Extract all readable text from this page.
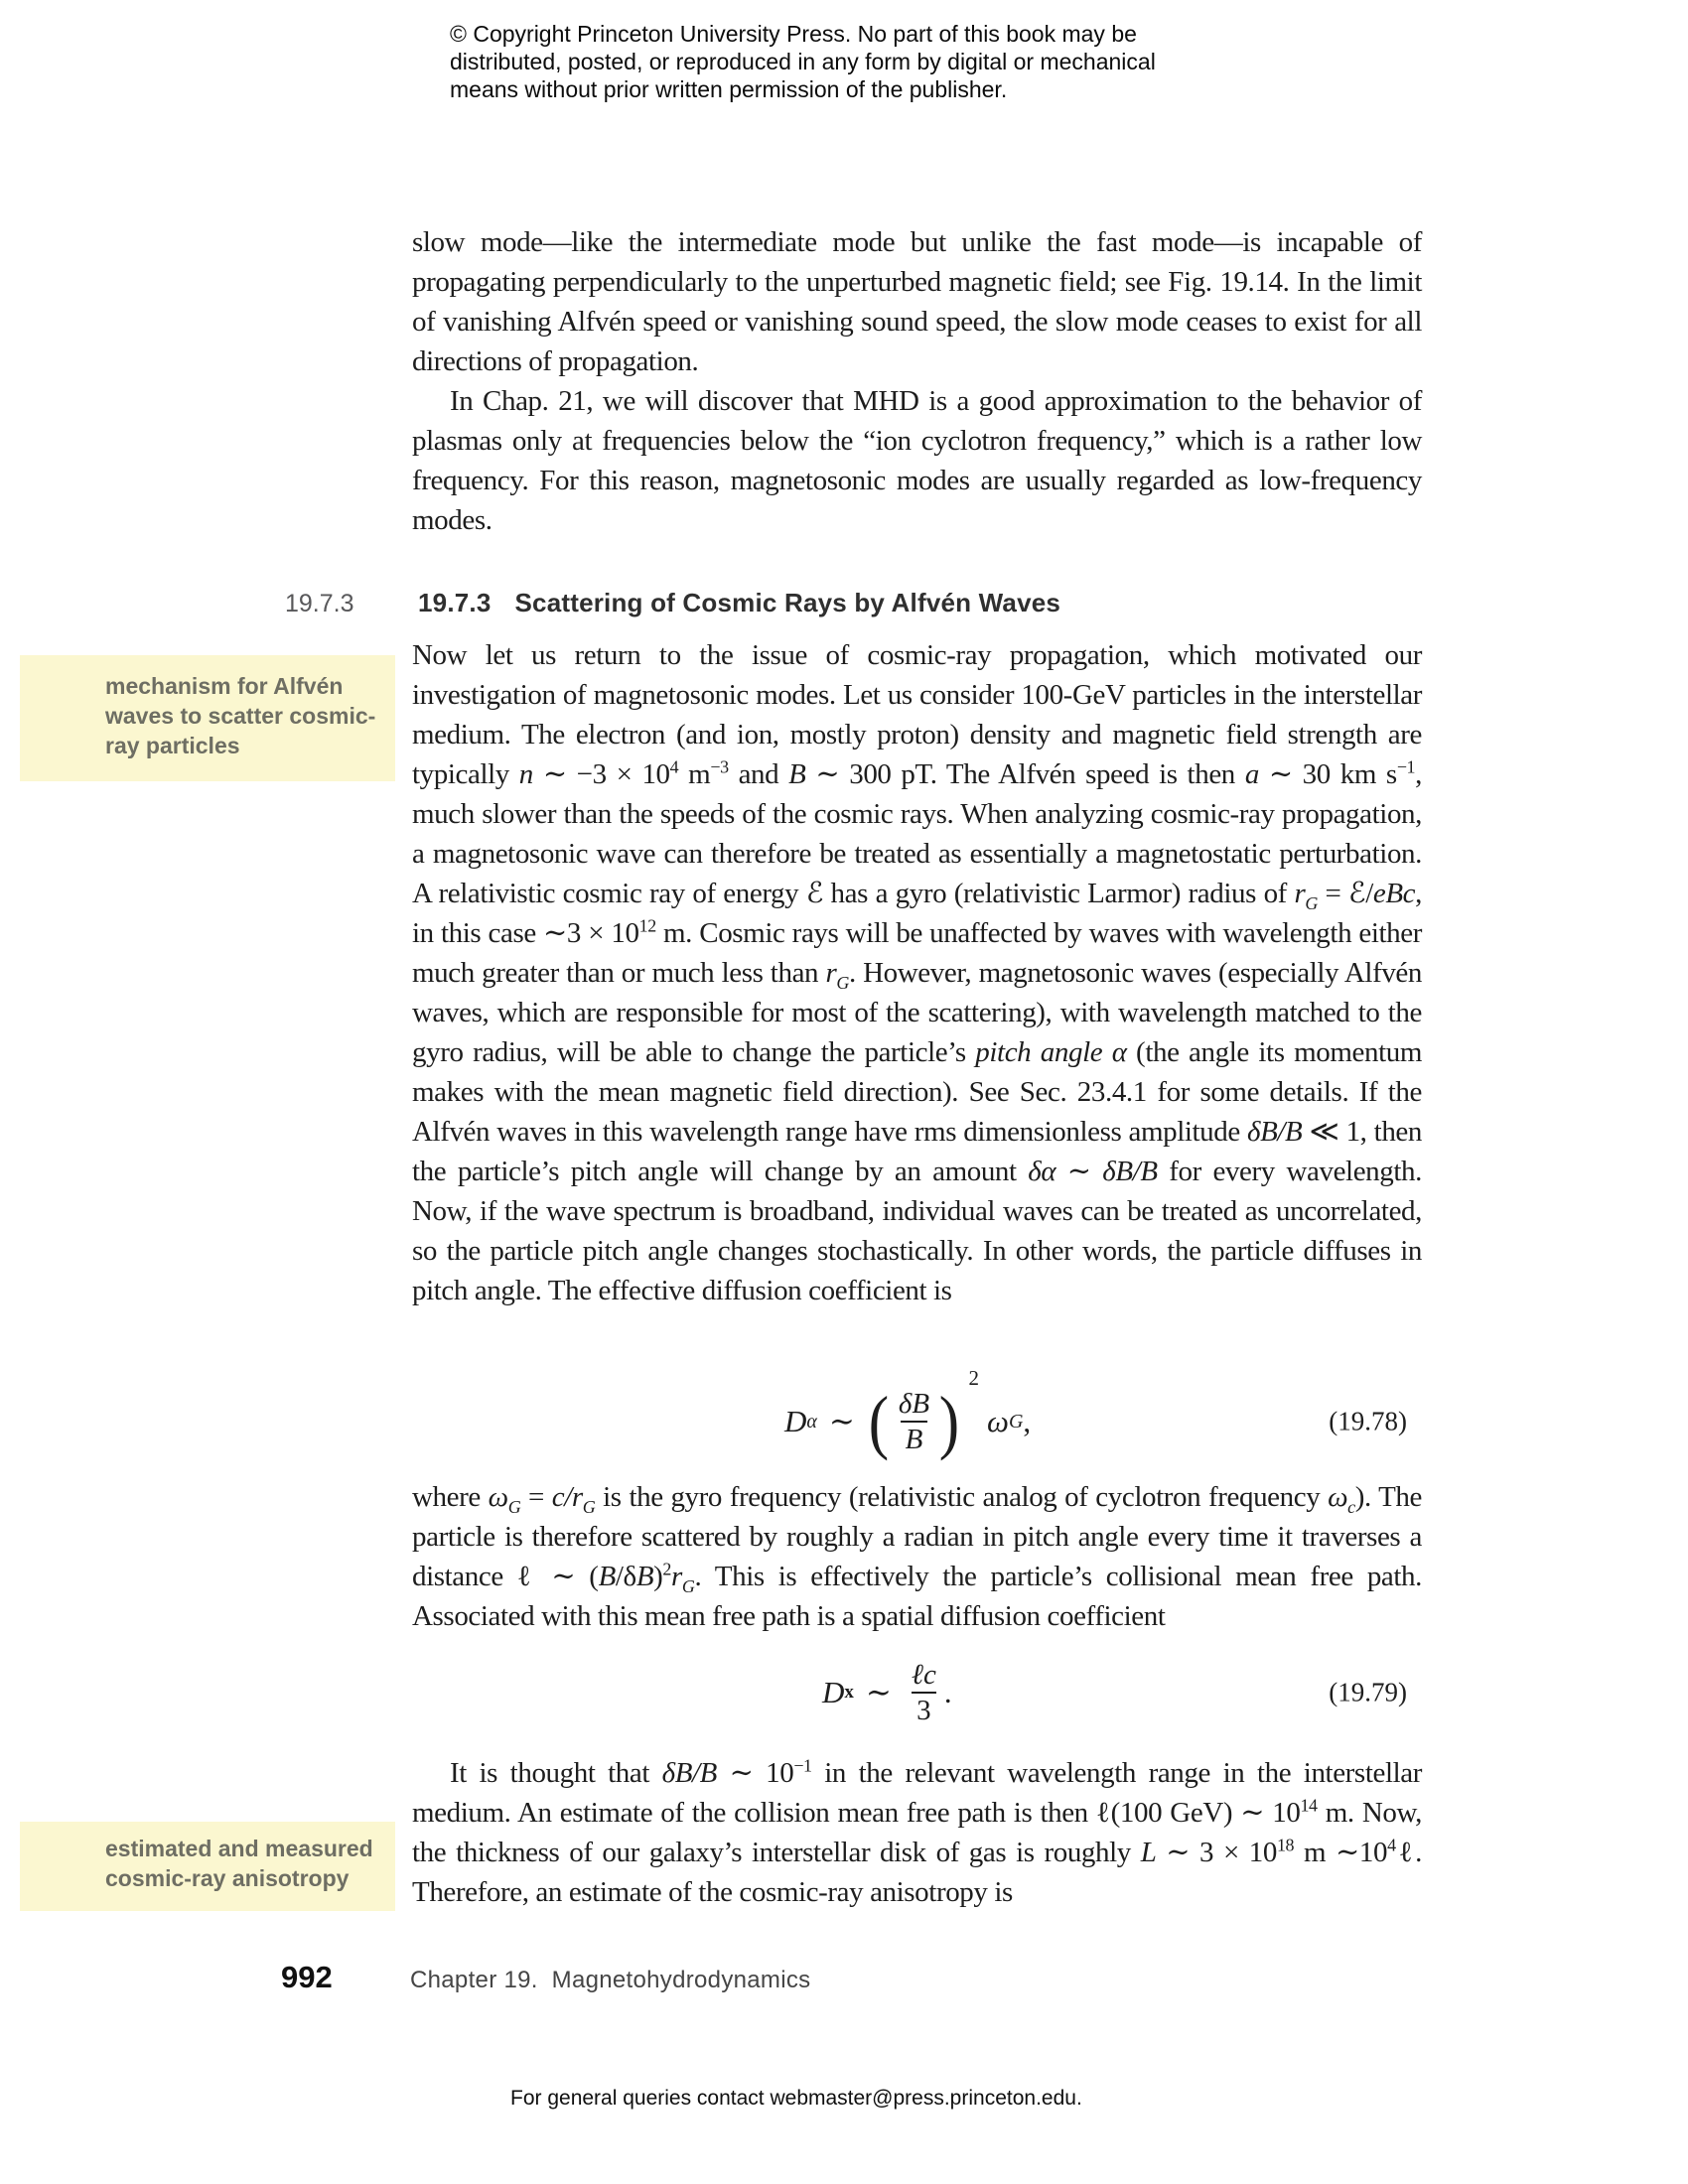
© Copyright Princeton University Press. No part of this book may be
distributed, posted, or reproduced in any form by digital or mechanical
means without prior written permission of the publisher.

slow mode—like the intermediate mode but unlike the fast mode—is incapable of propagating perpendicularly to the unperturbed magnetic field; see Fig. 19.14. In the limit of vanishing Alfvén speed or vanishing sound speed, the slow mode ceases to exist for all directions of propagation.

In Chap. 21, we will discover that MHD is a good approximation to the behavior of plasmas only at frequencies below the “ion cyclotron frequency,” which is a rather low frequency. For this reason, magnetosonic modes are usually regarded as low-frequency modes.

19.7.3 19.7.3 Scattering of Cosmic Rays by Alfvén Waves
mechanism for Alfvén
waves to scatter cosmic-
ray particles

Now let us return to the issue of cosmic-ray propagation, which motivated our investigation of magnetosonic modes. Let us consider 100-GeV particles in the interstellar medium. The electron (and ion, mostly proton) density and magnetic field strength are typically n ∼ $-3 \times 10^4$ $m^{-3}$ and B ∼ 300 pT. The Alfvén speed is then a ∼ 30 km $s^{-1}$, much slower than the speeds of the cosmic rays. When analyzing cosmic-ray propagation, a magnetosonic wave can therefore be treated as essentially a magnetostatic perturbation. A relativistic cosmic ray of energy ℰ has a gyro (relativistic Larmor) radius of $r_G$ = ℰ/eBc, in this case ∼3 × $10^{12}$ m. Cosmic rays will be unaffected by waves with wavelength either much greater than or much less than $r_G$. However, magnetosonic waves (especially Alfvén waves, which are responsible for most of the scattering), with wavelength matched to the gyro radius, will be able to change the particle’s pitch angle α (the angle its momentum makes with the mean magnetic field direction). See Sec. 23.4.1 for some details. If the Alfvén waves in this wavelength range have rms dimensionless amplitude δB/B ≪ 1, then the particle’s pitch angle will change by an amount δα ∼ δB/B for every wavelength. Now, if the wave spectrum is broadband, individual waves can be treated as uncorrelated, so the particle pitch angle changes stochastically. In other words, the particle diffuses in pitch angle. The effective diffusion coefficient is

D α ∼ ( $\frac{\delta B}{B}$ )
2
ω G ,	(19.78)

where $\omega_G = c/r_G$ is the gyro frequency (relativistic analog of cyclotron frequency $\omega_c$). The particle is therefore scattered by roughly a radian in pitch angle every time it traverses a distance ℓ ∼ $(B/\delta B)^2r_G$. This is effectively the particle’s collisional mean free path. Associated with this mean free path is a spatial diffusion coefficient

D x ∼ $\frac{\text{ℓc}}{3}$ .	(19.79)
estimated and measured
cosmic-ray anisotropy

It is thought that δB/B ∼ $10^{-1}$ in the relevant wavelength range in the interstellar medium. An estimate of the collision mean free path is then ℓ(100 GeV) ∼ $10^{14}$ m. Now, the thickness of our galaxy’s interstellar disk of gas is roughly L ∼ $3 \times 10^{18}$ m $\sim 10^4\ell$. Therefore, an estimate of the cosmic-ray anisotropy is

992	Chapter 19.  Magnetohydrodynamics
For general queries contact webmaster@press.princeton.edu.
